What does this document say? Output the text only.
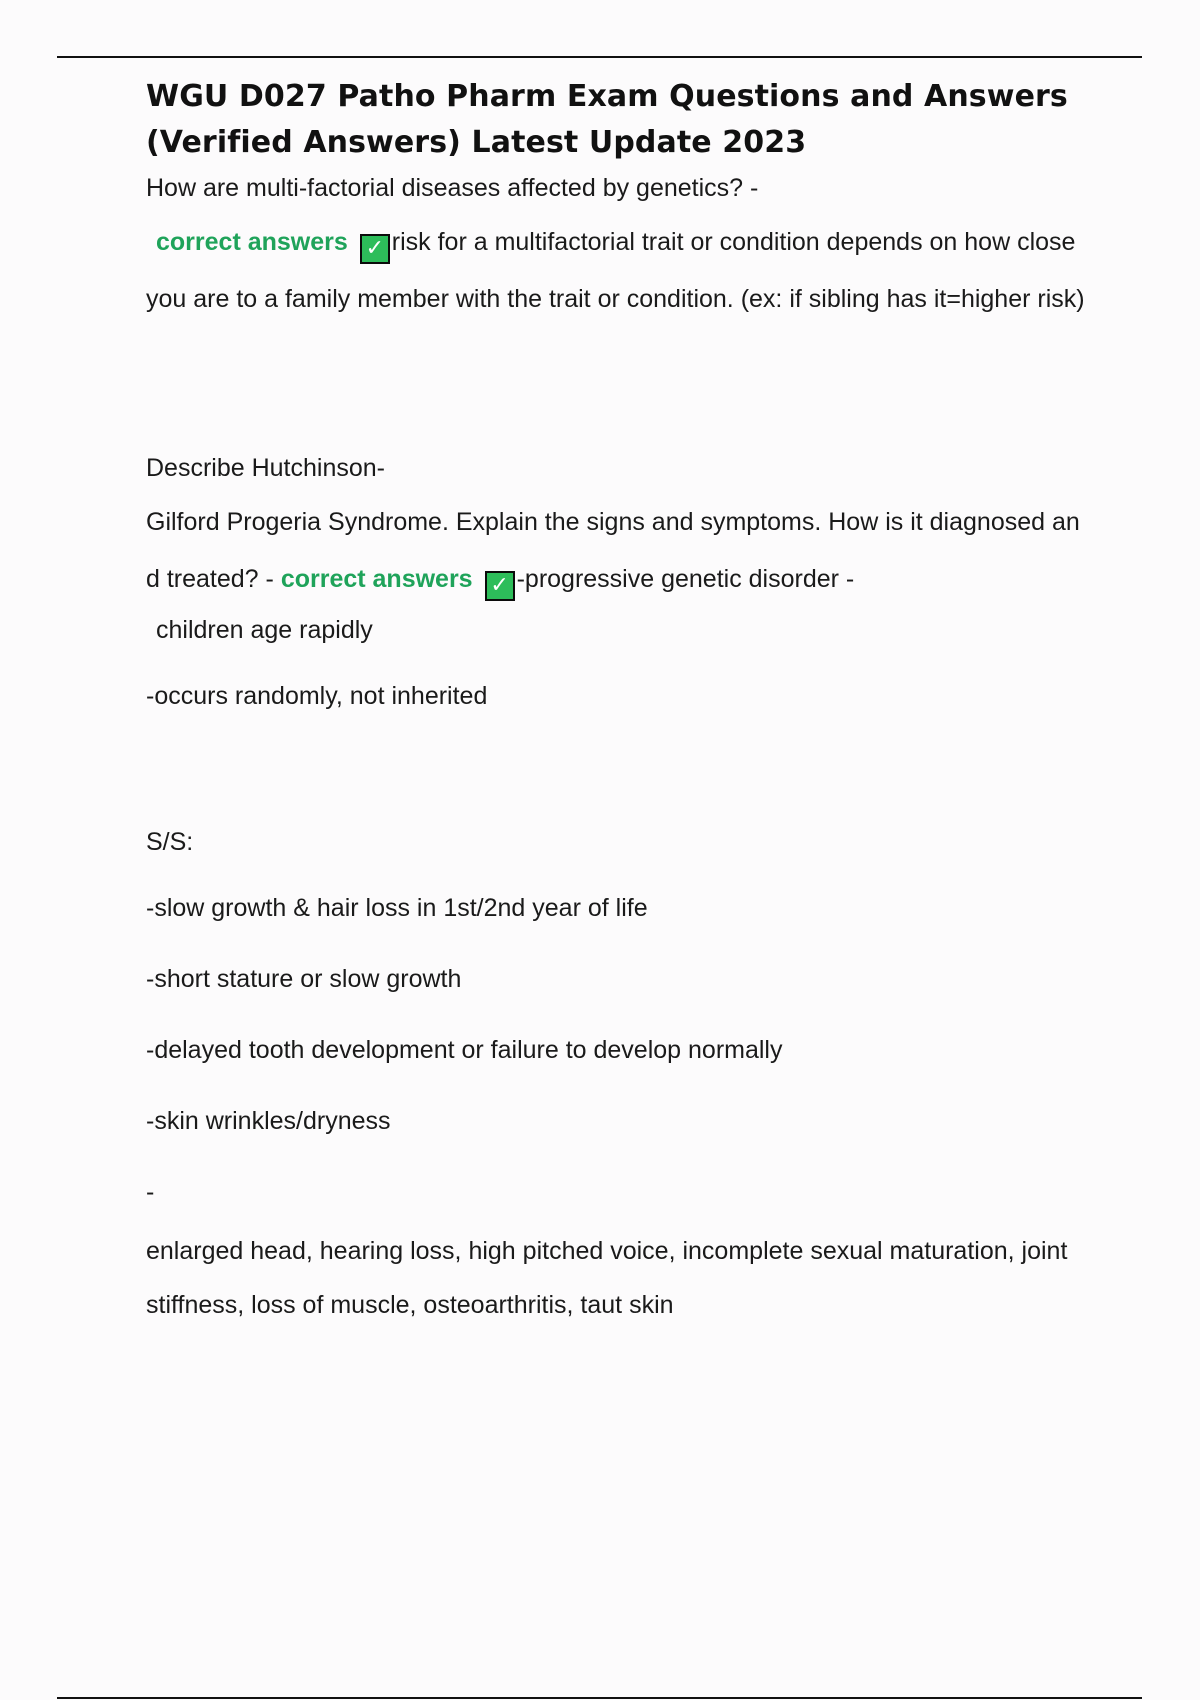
WGU D027 Patho Pharm Exam Questions and Answers (Verified Answers) Latest Update 2023

How are multi-factorial diseases affected by genetics? -

correct answers ✓ risk for a multifactorial trait or condition depends on how close you are to a family member with the trait or condition. (ex: if sibling has it=higher risk)

Describe Hutchinson-

Gilford Progeria Syndrome. Explain the signs and symptoms. How is it diagnosed and treated? - correct answers ✓ -progressive genetic disorder -

children age rapidly

-occurs randomly, not inherited

S/S:

-slow growth & hair loss in 1st/2nd year of life

-short stature or slow growth

-delayed tooth development or failure to develop normally

-skin wrinkles/dryness

-

enlarged head, hearing loss, high pitched voice, incomplete sexual maturation, joint stiffness, loss of muscle, osteoarthritis, taut skin
